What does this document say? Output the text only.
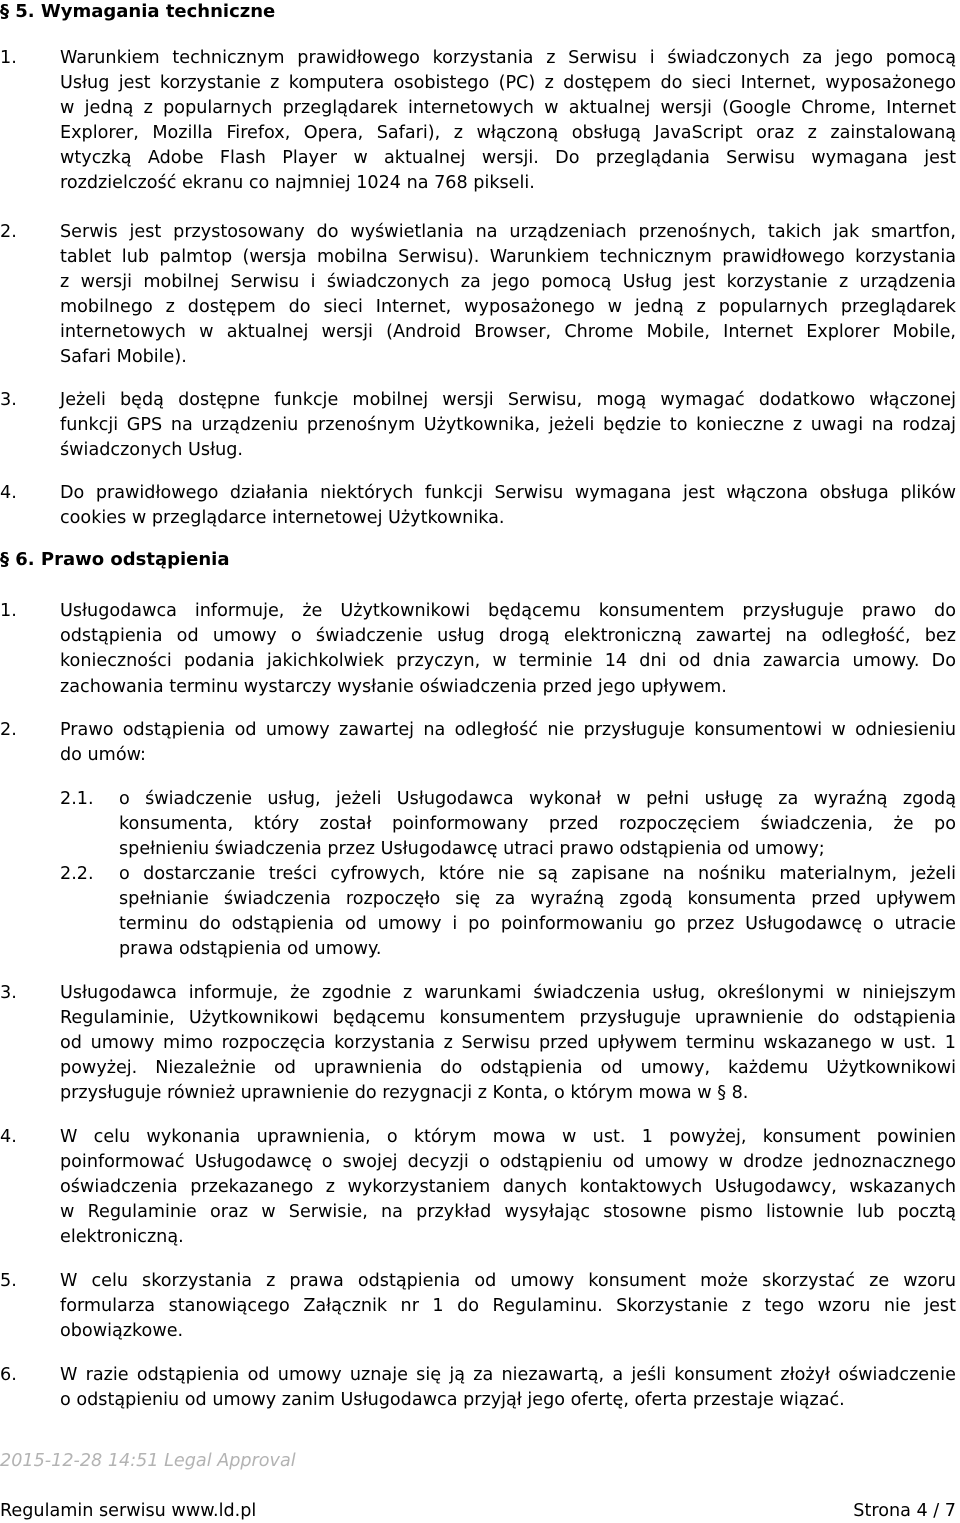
§ 5. Wymagania techniczne
1. Warunkiem technicznym prawidłowego korzystania z Serwisu i świadczonych za jego pomocą
Usług jest korzystanie z komputera osobistego (PC) z dostępem do sieci Internet, wyposażonego
w jedną z popularnych przeglądarek internetowych w aktualnej wersji (Google Chrome, Internet
Explorer, Mozilla Firefox, Opera, Safari), z włączoną obsługą JavaScript oraz z zainstalowaną
wtyczką Adobe Flash Player w aktualnej wersji. Do przeglądania Serwisu wymagana jest
rozdzielczość ekranu co najmniej 1024 na 768 pikseli.
2. Serwis jest przystosowany do wyświetlania na urządzeniach przenośnych, takich jak smartfon,
tablet lub palmtop (wersja mobilna Serwisu). Warunkiem technicznym prawidłowego korzystania
z wersji mobilnej Serwisu i świadczonych za jego pomocą Usług jest korzystanie z urządzenia
mobilnego z dostępem do sieci Internet, wyposażonego w jedną z popularnych przeglądarek
internetowych w aktualnej wersji (Android Browser, Chrome Mobile, Internet Explorer Mobile,
Safari Mobile).
3. Jeżeli będą dostępne funkcje mobilnej wersji Serwisu, mogą wymagać dodatkowo włączonej
funkcji GPS na urządzeniu przenośnym Użytkownika, jeżeli będzie to konieczne z uwagi na rodzaj
świadczonych Usług.
4. Do prawidłowego działania niektórych funkcji Serwisu wymagana jest włączona obsługa plików
cookies w przeglądarce internetowej Użytkownika.
§ 6. Prawo odstąpienia
1. Usługodawca informuje, że Użytkownikowi będącemu konsumentem przysługuje prawo do
odstąpienia od umowy o świadczenie usług drogą elektroniczną zawartej na odległość, bez
konieczności podania jakichkolwiek przyczyn, w terminie 14 dni od dnia zawarcia umowy. Do
zachowania terminu wystarczy wysłanie oświadczenia przed jego upływem.
2. Prawo odstąpienia od umowy zawartej na odległość nie przysługuje konsumentowi w odniesieniu
do umów:
2.1. o świadczenie usług, jeżeli Usługodawca wykonał w pełni usługę za wyraźną zgodą
konsumenta, który został poinformowany przed rozpoczęciem świadczenia, że po
spełnieniu świadczenia przez Usługodawcę utraci prawo odstąpienia od umowy;
2.2. o dostarczanie treści cyfrowych, które nie są zapisane na nośniku materialnym, jeżeli
spełnianie świadczenia rozpoczęło się za wyraźną zgodą konsumenta przed upływem
terminu do odstąpienia od umowy i po poinformowaniu go przez Usługodawcę o utracie
prawa odstąpienia od umowy.
3. Usługodawca informuje, że zgodnie z warunkami świadczenia usług, określonymi w niniejszym
Regulaminie, Użytkownikowi będącemu konsumentem przysługuje uprawnienie do odstąpienia
od umowy mimo rozpoczęcia korzystania z Serwisu przed upływem terminu wskazanego w ust. 1
powyżej. Niezależnie od uprawnienia do odstąpienia od umowy, każdemu Użytkownikowi
przysługuje również uprawnienie do rezygnacji z Konta, o którym mowa w § 8.
4. W celu wykonania uprawnienia, o którym mowa w ust. 1 powyżej, konsument powinien
poinformować Usługodawcę o swojej decyzji o odstąpieniu od umowy w drodze jednoznacznego
oświadczenia przekazanego z wykorzystaniem danych kontaktowych Usługodawcy, wskazanych
w Regulaminie oraz w Serwisie, na przykład wysyłając stosowne pismo listownie lub pocztą
elektroniczną.
5. W celu skorzystania z prawa odstąpienia od umowy konsument może skorzystać ze wzoru
formularza stanowiącego Załącznik nr 1 do Regulaminu. Skorzystanie z tego wzoru nie jest
obowiązkowe.
6. W razie odstąpienia od umowy uznaje się ją za niezawartą, a jeśli konsument złożył oświadczenie
o odstąpieniu od umowy zanim Usługodawca przyjął jego ofertę, oferta przestaje wiązać.
2015-12-28 14:51 Legal Approval
Regulamin serwisu www.ld.pl	Strona 4 / 7
